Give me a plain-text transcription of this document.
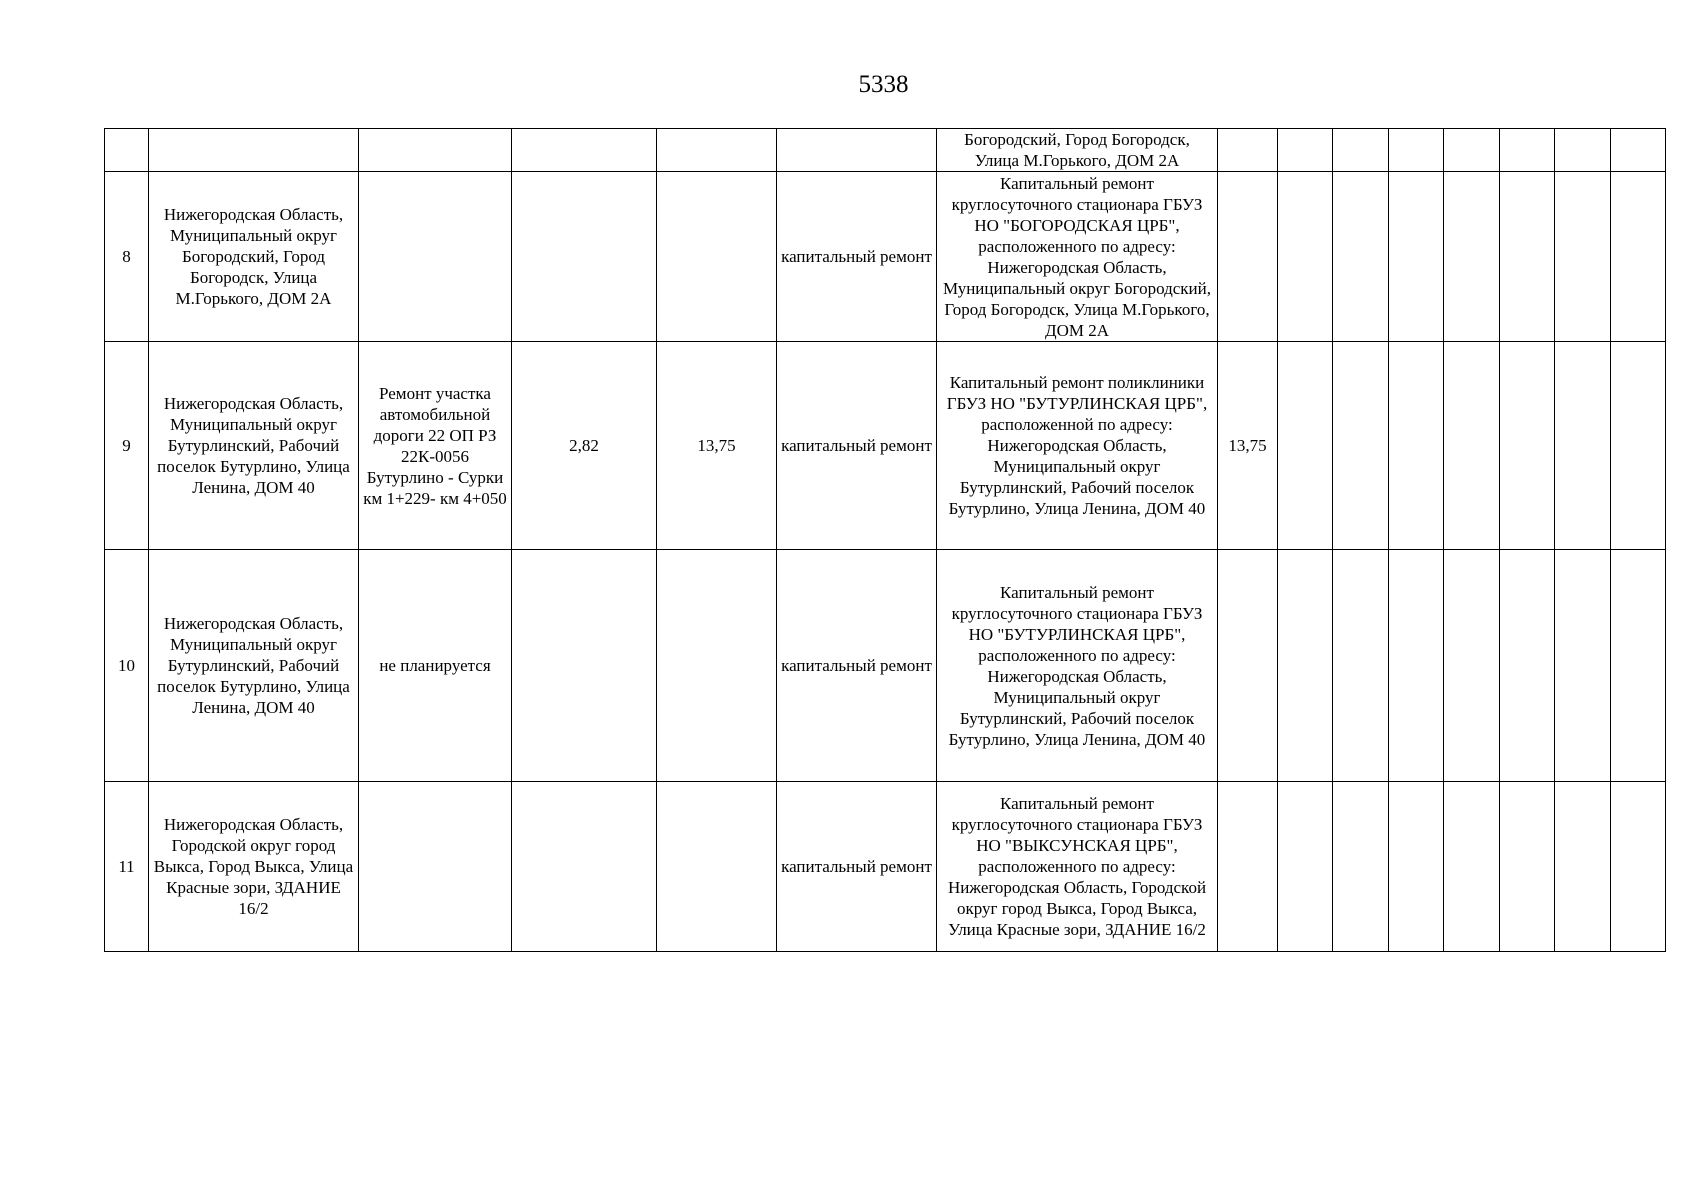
5338
						Богородский, Город Богородск, Улица М.Горького, ДОМ 2А								
8	Нижегородская Область, Муниципальный округ Богородский, Город Богородск, Улица М.Горького, ДОМ 2А				капитальный ремонт	Капитальный ремонт круглосуточного стационара ГБУЗ НО "БОГОРОДСКАЯ ЦРБ", расположенного по адресу: Нижегородская Область, Муниципальный округ Богородский, Город Богородск, Улица М.Горького, ДОМ 2А								
9	Нижегородская Область, Муниципальный округ Бутурлинский, Рабочий поселок Бутурлино, Улица Ленина, ДОМ 40	Ремонт участка автомобильной дороги 22 ОП РЗ 22К-0056 Бутурлино - Сурки км 1+229- км 4+050	2,82	13,75	капитальный ремонт	Капитальный ремонт поликлиники ГБУЗ НО "БУТУРЛИНСКАЯ ЦРБ", расположенной по адресу: Нижегородская Область, Муниципальный округ Бутурлинский, Рабочий поселок Бутурлино, Улица Ленина, ДОМ 40	13,75							
10	Нижегородская Область, Муниципальный округ Бутурлинский, Рабочий поселок Бутурлино, Улица Ленина, ДОМ 40	не планируется			капитальный ремонт	Капитальный ремонт круглосуточного стационара ГБУЗ НО "БУТУРЛИНСКАЯ ЦРБ", расположенного по адресу: Нижегородская Область, Муниципальный округ Бутурлинский, Рабочий поселок Бутурлино, Улица Ленина, ДОМ 40								
11	Нижегородская Область, Городской округ город Выкса, Город Выкса, Улица Красные зори, ЗДАНИЕ 16/2				капитальный ремонт	Капитальный ремонт круглосуточного стационара ГБУЗ НО "ВЫКСУНСКАЯ ЦРБ", расположенного по адресу: Нижегородская Область, Городской округ город Выкса, Город Выкса, Улица Красные зори, ЗДАНИЕ 16/2								
